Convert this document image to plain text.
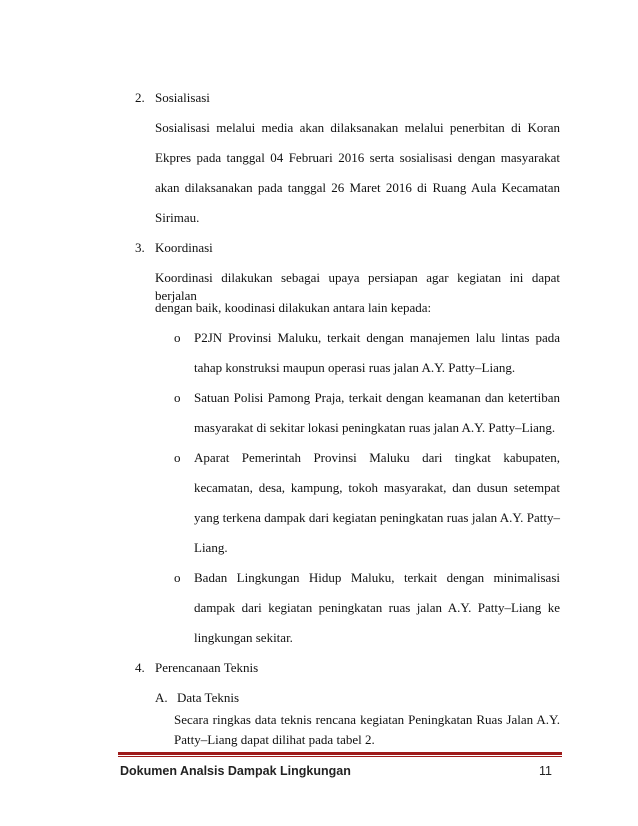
2. Sosialisasi
Sosialisasi melalui media akan dilaksanakan melalui penerbitan di Koran
Ekpres pada tanggal 04 Februari 2016 serta sosialisasi dengan masyarakat
akan dilaksanakan pada tanggal 26 Maret 2016 di Ruang Aula Kecamatan
Sirimau.
3. Koordinasi
Koordinasi dilakukan sebagai upaya persiapan agar kegiatan ini dapat berjalan
dengan baik, koodinasi dilakukan antara lain kepada:
o P2JN Provinsi Maluku, terkait dengan manajemen lalu lintas pada
tahap konstruksi maupun operasi ruas jalan A.Y. Patty–Liang.
o Satuan Polisi Pamong Praja, terkait dengan keamanan dan ketertiban
masyarakat di sekitar lokasi peningkatan ruas jalan A.Y. Patty–Liang.
o Aparat Pemerintah Provinsi Maluku dari tingkat kabupaten,
kecamatan, desa, kampung, tokoh masyarakat, dan dusun setempat
yang terkena dampak dari kegiatan peningkatan ruas jalan A.Y. Patty–
Liang.
o Badan Lingkungan Hidup Maluku, terkait dengan minimalisasi
dampak dari kegiatan peningkatan ruas jalan A.Y. Patty–Liang ke
lingkungan sekitar.
4. Perencanaan Teknis
A. Data Teknis
Secara ringkas data teknis rencana kegiatan Peningkatan Ruas Jalan A.Y.
Patty–Liang dapat dilihat pada tabel 2.
Dokumen Analsis Dampak Lingkungan	11
